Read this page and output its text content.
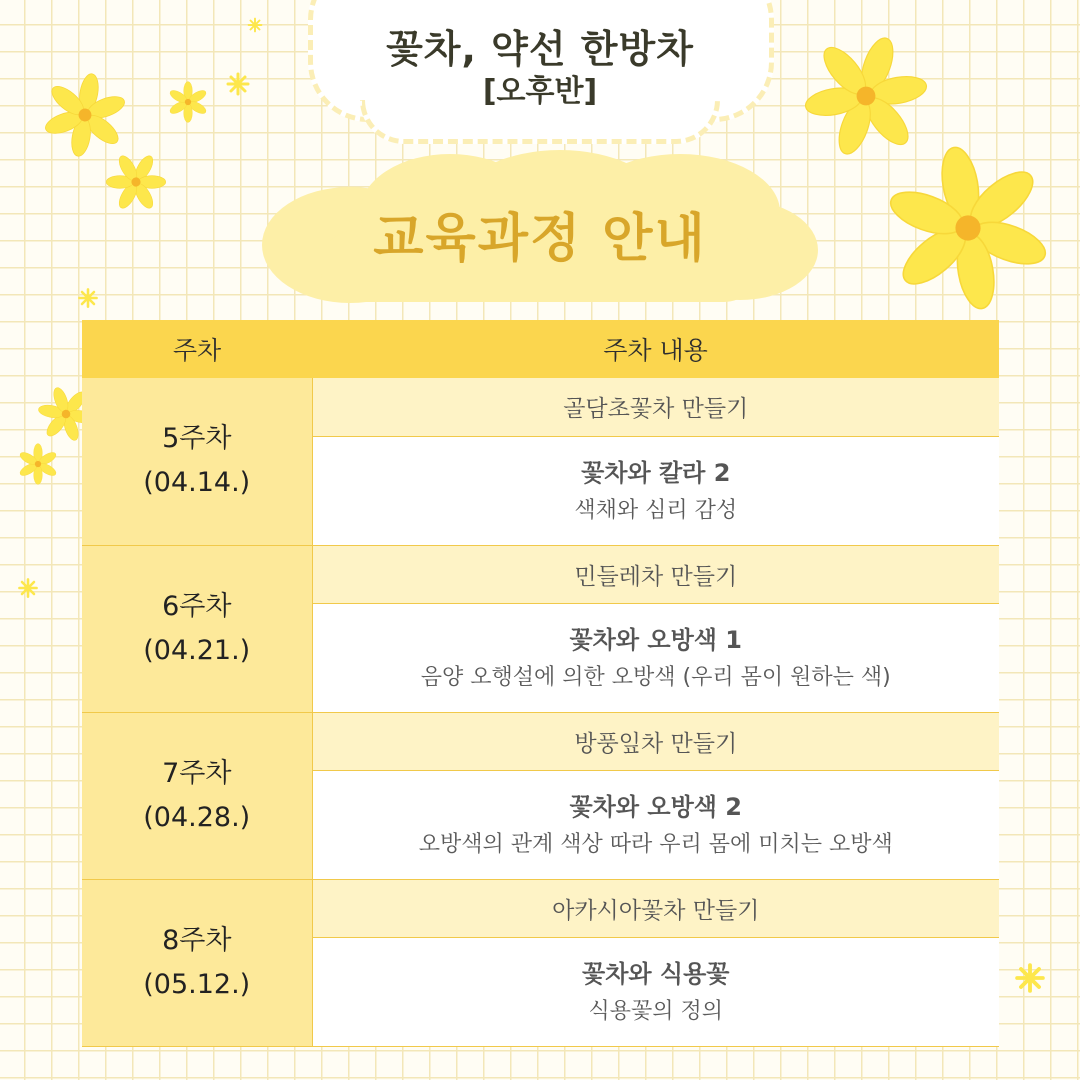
꽃차, 약선 한방차
[오후반]
교육과정 안내
주차	주차 내용

5주차
(04.14.)	골담초꽃차 만들기

	꽃차와 칼라 2
색채와 심리 감성

6주차
(04.21.)	민들레차 만들기

	꽃차와 오방색 1
음양 오행설에 의한 오방색 (우리 몸이 원하는 색)

7주차
(04.28.)	방풍잎차 만들기

	꽃차와 오방색 2
오방색의 관계 색상 따라 우리 몸에 미치는 오방색

8주차
(05.12.)	아카시아꽃차 만들기

	꽃차와 식용꽃
식용꽃의 정의
